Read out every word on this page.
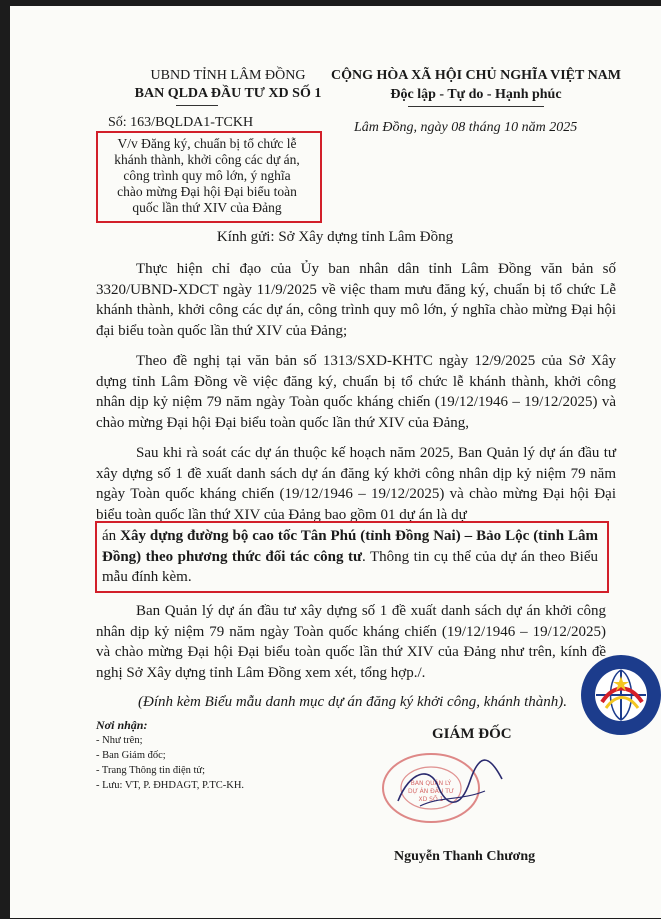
UBND TỈNH LÂM ĐỒNG
BAN QLDA ĐẦU TƯ XD SỐ 1
Số: 163/BQLDA1-TCKH
V/v Đăng ký, chuẩn bị tổ chức lễ
khánh thành, khởi công các dự án,
công trình quy mô lớn, ý nghĩa
chào mừng Đại hội Đại biểu toàn
quốc lần thứ XIV của Đảng
CỘNG HÒA XÃ HỘI CHỦ NGHĨA VIỆT NAM
Độc lập - Tự do - Hạnh phúc
Lâm Đồng, ngày 08 tháng 10 năm 2025
Kính gửi: Sở Xây dựng tỉnh Lâm Đồng
Thực hiện chỉ đạo của Ủy ban nhân dân tỉnh Lâm Đồng văn bản số 3320/UBND-XDCT ngày 11/9/2025 về việc tham mưu đăng ký, chuẩn bị tổ chức Lễ khánh thành, khởi công các dự án, công trình quy mô lớn, ý nghĩa chào mừng Đại hội đại biểu toàn quốc lần thứ XIV của Đảng;
Theo đề nghị tại văn bản số 1313/SXD-KHTC ngày 12/9/2025 của Sở Xây dựng tỉnh Lâm Đồng về việc đăng ký, chuẩn bị tổ chức lễ khánh thành, khởi công nhân dịp kỷ niệm 79 năm ngày Toàn quốc kháng chiến (19/12/1946 – 19/12/2025) và chào mừng Đại hội Đại biểu toàn quốc lần thứ XIV của Đảng,
Sau khi rà soát các dự án thuộc kế hoạch năm 2025, Ban Quản lý dự án đầu tư xây dựng số 1 đề xuất danh sách dự án đăng ký khởi công nhân dịp kỷ niệm 79 năm ngày Toàn quốc kháng chiến (19/12/1946 – 19/12/2025) và chào mừng Đại hội Đại biểu toàn quốc lần thứ XIV của Đảng bao gồm 01 dự án là dự
án Xây dựng đường bộ cao tốc Tân Phú (tỉnh Đồng Nai) – Bảo Lộc (tỉnh Lâm Đồng) theo phương thức đối tác công tư. Thông tin cụ thể của dự án theo Biểu mẫu đính kèm.
Ban Quản lý dự án đầu tư xây dựng số 1 đề xuất danh sách dự án khởi công nhân dịp kỷ niệm 79 năm ngày Toàn quốc kháng chiến (19/12/1946 – 19/12/2025) và chào mừng Đại hội Đại biểu toàn quốc lần thứ XIV của Đảng như trên, kính đề nghị Sở Xây dựng tỉnh Lâm Đồng xem xét, tổng hợp./.
(Đính kèm Biểu mẫu danh mục dự án đăng ký khởi công, khánh thành).
Nơi nhận:
- Như trên;
- Ban Giám đốc;
- Trang Thông tin điện tử;
- Lưu: VT, P. ĐHDAGT, P.TC-KH.
GIÁM ĐỐC
BAN QUẢN LÝ
DỰ ÁN ĐẦU TƯ
XD SỐ 1
Nguyễn Thanh Chương
